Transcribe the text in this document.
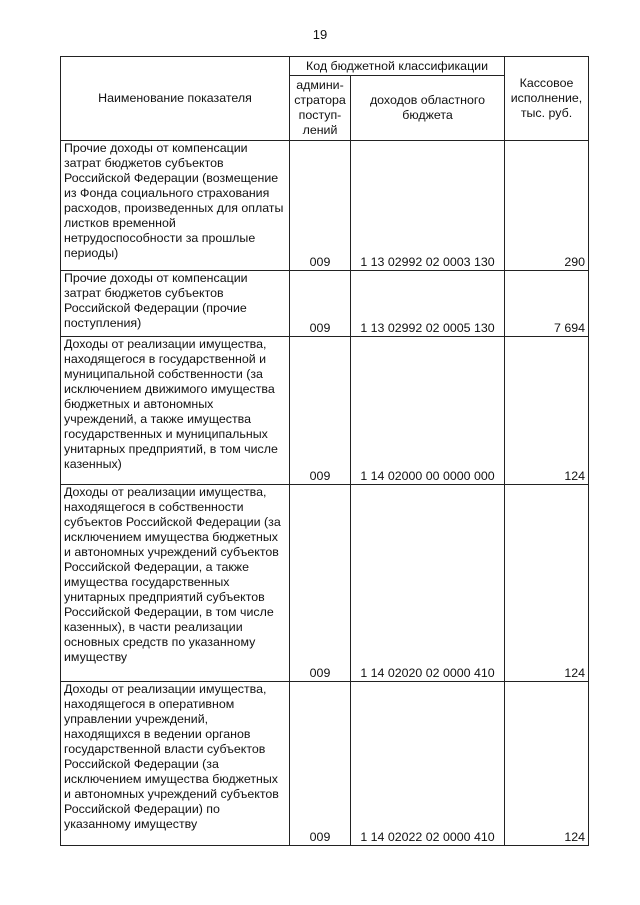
19
Наименование показателя	Код бюджетной классификации		Кассовое исполнение, тыс. руб.
	админи-стратора поступ-лений	доходов областного бюджета	
Прочие доходы от компенсации затрат бюджетов субъектов Российской Федерации (возмещение из Фонда социального страхования расходов, произведенных для оплаты листков временной нетрудоспособности за прошлые периоды)	009	1 13 02992 02 0003 130	290
Прочие доходы от компенсации затрат бюджетов субъектов Российской Федерации (прочие поступления)	009	1 13 02992 02 0005 130	7 694
Доходы от реализации имущества, находящегося в государственной и муниципальной собственности (за исключением движимого имущества бюджетных и автономных учреждений, а также имущества государственных и муниципальных унитарных предприятий, в том числе казенных)	009	1 14 02000 00 0000 000	124
Доходы от реализации имущества, находящегося в собственности субъектов Российской Федерации (за исключением имущества бюджетных и автономных учреждений субъектов Российской Федерации, а также имущества государственных унитарных предприятий субъектов Российской Федерации, в том числе казенных), в части реализации основных средств по указанному имуществу	009	1 14 02020 02 0000 410	124
Доходы от реализации имущества, находящегося в оперативном управлении учреждений, находящихся в ведении органов государственной власти субъектов Российской Федерации (за исключением имущества бюджетных и автономных учреждений субъектов Российской Федерации) по указанному имуществу	009	1 14 02022 02 0000 410	124
